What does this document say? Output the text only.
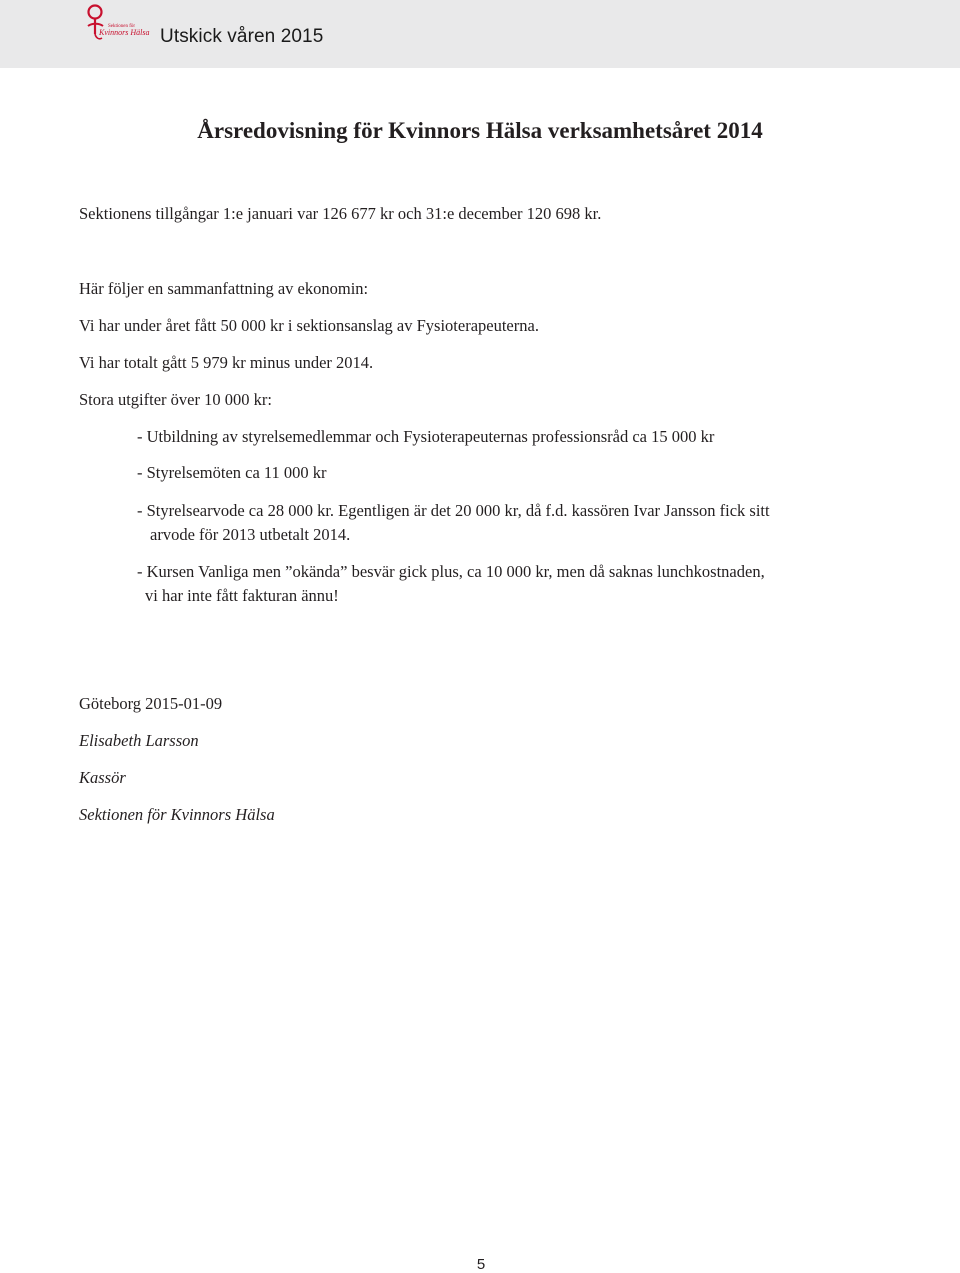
Sektionen för
Kvinnors Hälsa Utskick våren 2015
Årsredovisning för Kvinnors Hälsa verksamhetsåret 2014
Sektionens tillgångar 1:e januari var 126 677 kr och 31:e december 120 698 kr.
Här följer en sammanfattning av ekonomin:
Vi har under året fått 50 000 kr i sektionsanslag av Fysioterapeuterna.
Vi har totalt gått 5 979 kr minus under 2014.
Stora utgifter över 10 000 kr:
- Utbildning av styrelsemedlemmar och Fysioterapeuternas professionsråd ca 15 000 kr
- Styrelsemöten ca 11 000 kr
- Styrelsearvode ca 28 000 kr. Egentligen är det 20 000 kr, då f.d. kassören Ivar Jansson fick sitt
arvode för 2013 utbetalt 2014.
- Kursen Vanliga men ”okända” besvär gick plus, ca 10 000 kr, men då saknas lunchkostnaden,
vi har inte fått fakturan ännu!
Göteborg 2015-01-09
Elisabeth Larsson
Kassör
Sektionen för Kvinnors Hälsa
5
